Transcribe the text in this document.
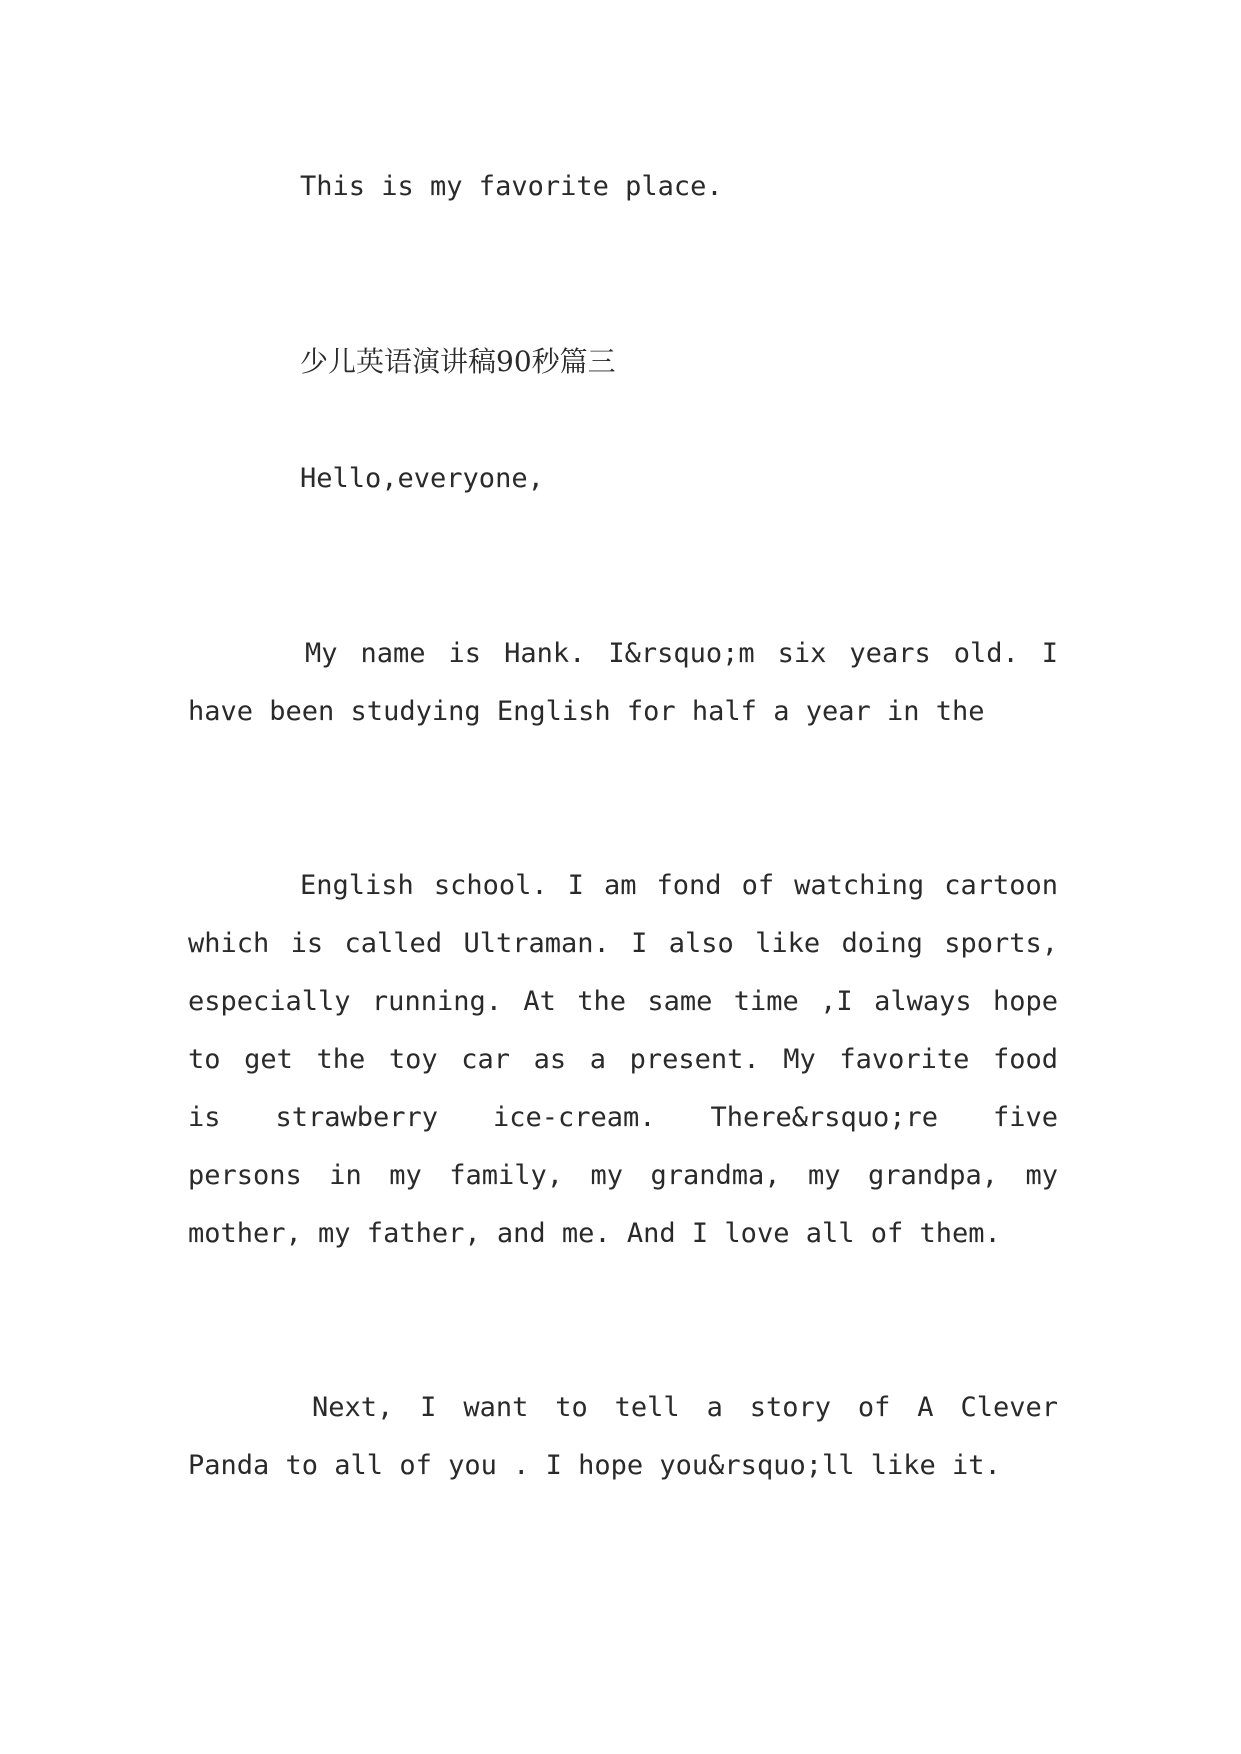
This is my favorite place.
少儿英语演讲稿90秒篇三
Hello,everyone,
My name is Hank. I&rsquo;m six years old. I
have been studying English for half a year in the
English school. I am fond of watching cartoon
which is called Ultraman. I also like doing sports,
especially running. At the same time ,I always hope
to get the toy car as a present. My favorite food
is strawberry ice-cream. There&rsquo;re five
persons in my family, my grandma, my grandpa, my
mother, my father, and me. And I love all of them.
Next, I want to tell a story of A Clever
Panda to all of you . I hope you&rsquo;ll like it.
